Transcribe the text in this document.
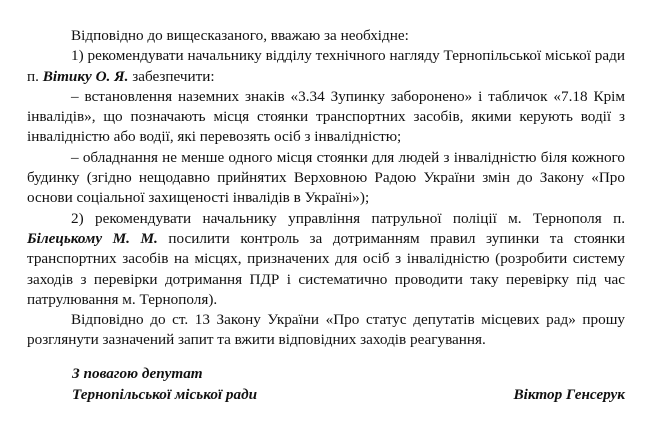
Відповідно до вищесказаного, вважаю за необхідне:

1) рекомендувати начальнику відділу технічного нагляду Тернопільської міської ради п. Вітику О. Я. забезпечити:

– встановлення наземних знаків «3.34 Зупинку заборонено» і табличок «7.18 Крім інвалідів», що позначають місця стоянки транспортних засобів, якими керують водії з інвалідністю або водії, які перевозять осіб з інвалідністю;

– обладнання не менше одного місця стоянки для людей з інвалідністю біля кожного будинку (згідно нещодавно прийнятих Верховною Радою України змін до Закону «Про основи соціальної захищеності інвалідів в Україні»);

2) рекомендувати начальнику управління патрульної поліції м. Тернополя п. Білецькому М. М. посилити контроль за дотриманням правил зупинки та стоянки транспортних засобів на місцях, призначених для осіб з інвалідністю (розробити систему заходів з перевірки дотримання ПДР і систематично проводити таку перевірку під час патрулювання м. Тернополя).

Відповідно до ст. 13 Закону України «Про статус депутатів місцевих рад» прошу розглянути зазначений запит та вжити відповідних заходів реагування.

З повагою депутат
Тернопільської міської ради	Віктор Генсерук
